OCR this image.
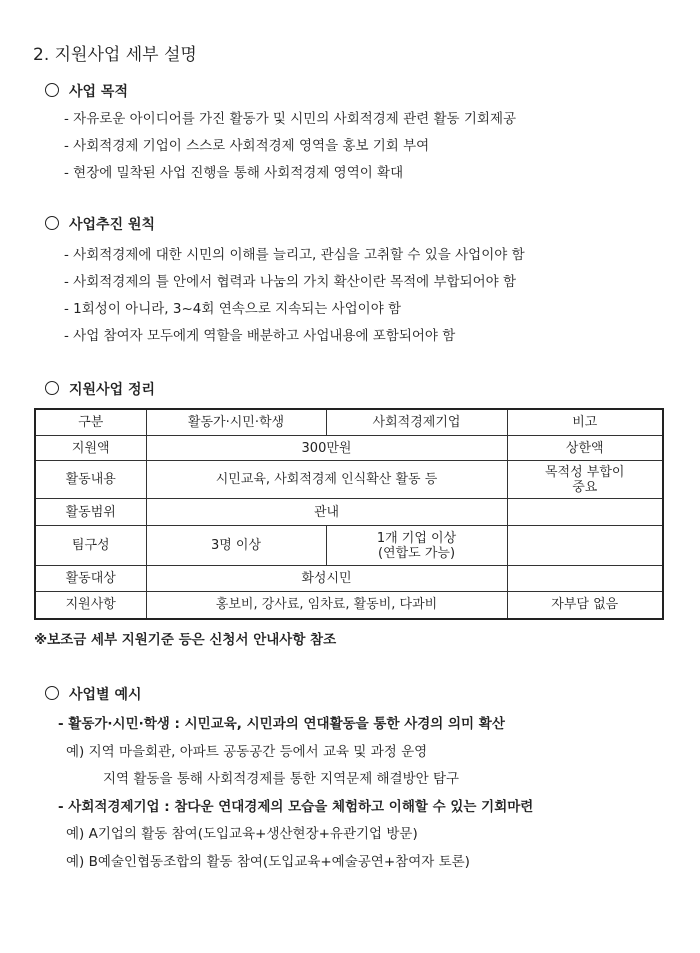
2. 지원사업 세부 설명
사업 목적
- 자유로운 아이디어를 가진 활동가 및 시민의 사회적경제 관련 활동 기회제공
- 사회적경제 기업이 스스로 사회적경제 영역을 홍보 기회 부여
- 현장에 밀착된 사업 진행을 통해 사회적경제 영역이 확대
사업추진 원칙
- 사회적경제에 대한 시민의 이해를 늘리고, 관심을 고취할 수 있을 사업이야 함
- 사회적경제의 틀 안에서 협력과 나눔의 가치 확산이란 목적에 부합되어야 함
- 1회성이 아니라, 3~4회 연속으로 지속되는 사업이야 함
- 사업 참여자 모두에게 역할을 배분하고 사업내용에 포함되어야 함
지원사업 정리
구분	활동가·시민·학생	사회적경제기업	비고
지원액	300만원		상한액
활동내용	시민교육, 사회적경제 인식확산 활동 등		목적성 부합이
중요

활동범위	관내		
팀구성	3명 이상	1개 기업 이상
(연합도 가능)	

활동대상	화성시민		
지원사항	홍보비, 강사료, 임차료, 활동비, 다과비		자부담 없음
※보조금 세부 지원기준 등은 신청서 안내사항 참조
사업별 예시
- 활동가·시민·학생 : 시민교육, 시민과의 연대활동을 통한 사경의 의미 확산
예) 지역 마을회관, 아파트 공동공간 등에서 교육 및 과정 운영
지역 활동을 통해 사회적경제를 통한 지역문제 해결방안 탐구
- 사회적경제기업 : 참다운 연대경제의 모습을 체험하고 이해할 수 있는 기회마련
예) A기업의 활동 참여(도입교육+생산현장+유관기업 방문)
예) B예술인협동조합의 활동 참여(도입교육+예술공연+참여자 토론)
